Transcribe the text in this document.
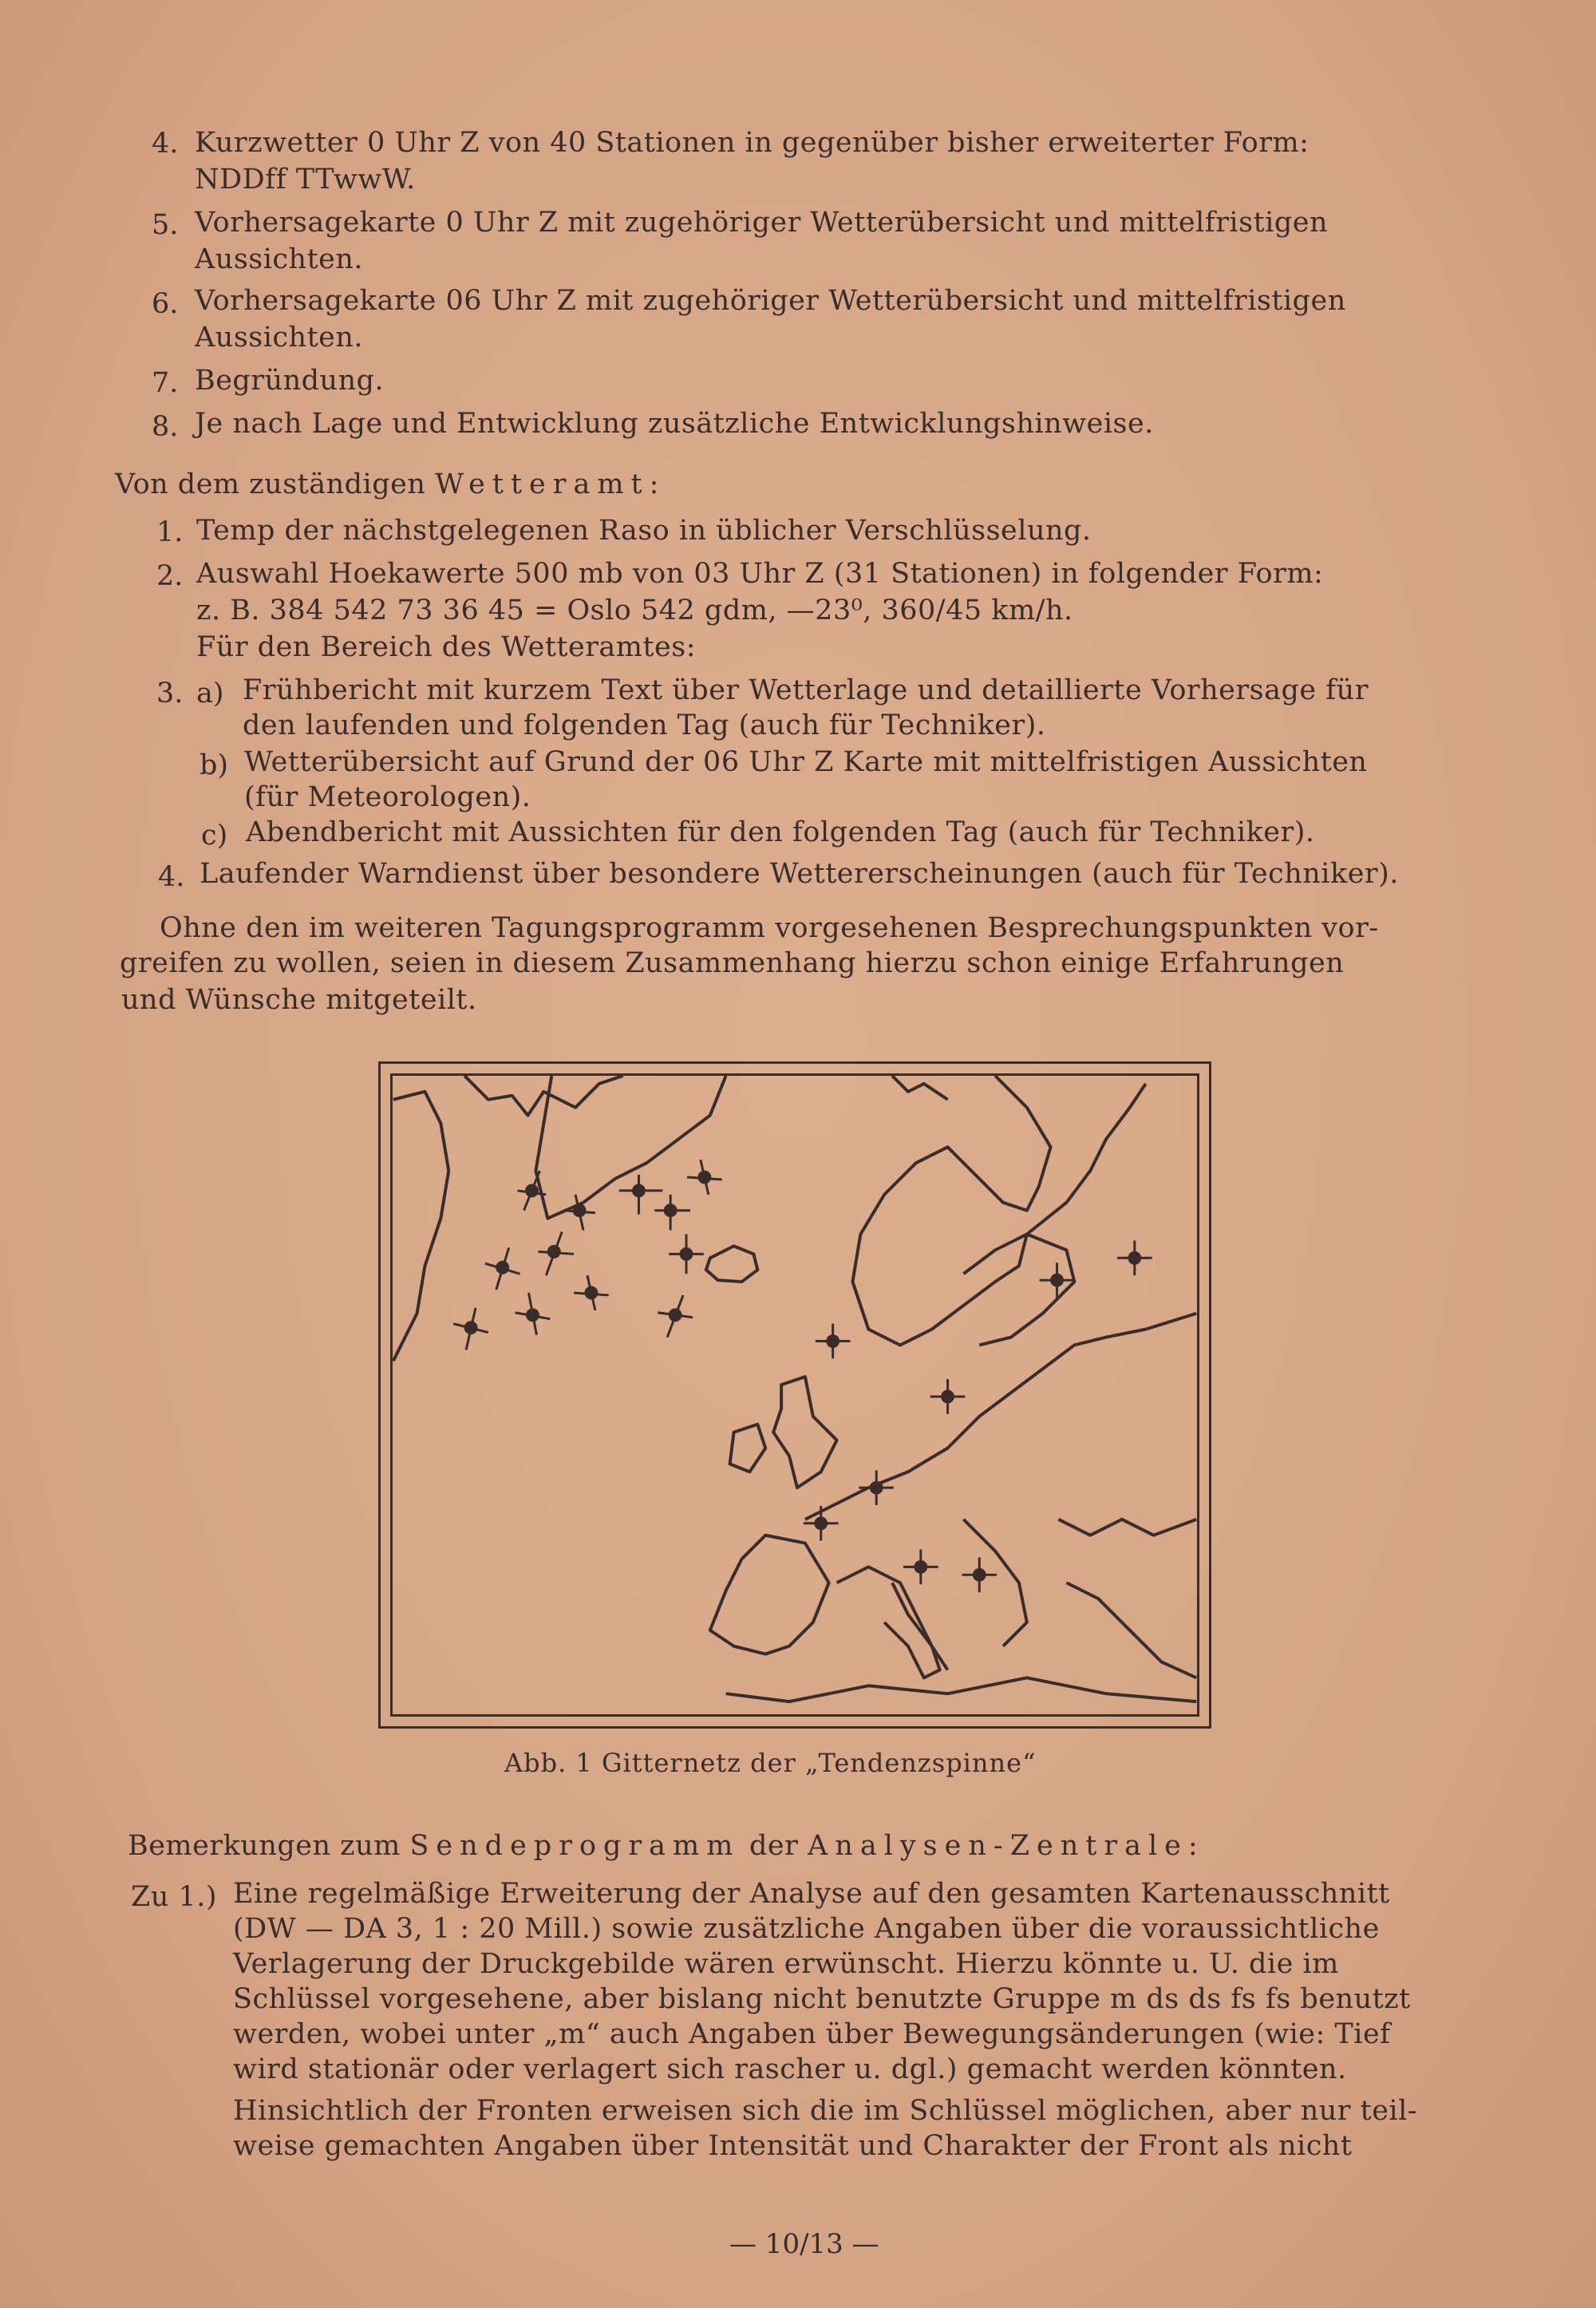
4. Kurzwetter 0 Uhr Z von 40 Stationen in gegenüber bisher erweiterter Form:
NDDff TTwwW.
5. Vorhersagekarte 0 Uhr Z mit zugehöriger Wetterübersicht und mittelfristigen
Aussichten.
6. Vorhersagekarte 06 Uhr Z mit zugehöriger Wetterübersicht und mittelfristigen
Aussichten.
7. Begründung.
8. Je nach Lage und Entwicklung zusätzliche Entwicklungshinweise.
Von dem zuständigen Wetteramt:
1. Temp der nächstgelegenen Raso in üblicher Verschlüsselung.
2. Auswahl Hoekawerte 500 mb von 03 Uhr Z (31 Stationen) in folgender Form:
z. B. 384 542 73 36 45 = Oslo 542 gdm, —23⁰, 360/45 km/h.
Für den Bereich des Wetteramtes:
3. a) Frühbericht mit kurzem Text über Wetterlage und detaillierte Vorhersage für
den laufenden und folgenden Tag (auch für Techniker).
b) Wetterübersicht auf Grund der 06 Uhr Z Karte mit mittelfristigen Aussichten
(für Meteorologen).
c) Abendbericht mit Aussichten für den folgenden Tag (auch für Techniker).
4. Laufender Warndienst über besondere Wettererscheinungen (auch für Techniker).
Ohne den im weiteren Tagungsprogramm vorgesehenen Besprechungspunkten vor-
greifen zu wollen, seien in diesem Zusammenhang hierzu schon einige Erfahrungen
und Wünsche mitgeteilt.
Abb. 1 Gitternetz der „Tendenzspinne“
Bemerkungen zum Sendeprogramm der Analysen-Zentrale:
Zu 1.) Eine regelmäßige Erweiterung der Analyse auf den gesamten Kartenausschnitt
(DW — DA 3, 1 : 20 Mill.) sowie zusätzliche Angaben über die voraussichtliche
Verlagerung der Druckgebilde wären erwünscht. Hierzu könnte u. U. die im
Schlüssel vorgesehene, aber bislang nicht benutzte Gruppe m ds ds fs fs benutzt
werden, wobei unter „m“ auch Angaben über Bewegungsänderungen (wie: Tief
wird stationär oder verlagert sich rascher u. dgl.) gemacht werden könnten.
Hinsichtlich der Fronten erweisen sich die im Schlüssel möglichen, aber nur teil-
weise gemachten Angaben über Intensität und Charakter der Front als nicht
— 10/13 —
